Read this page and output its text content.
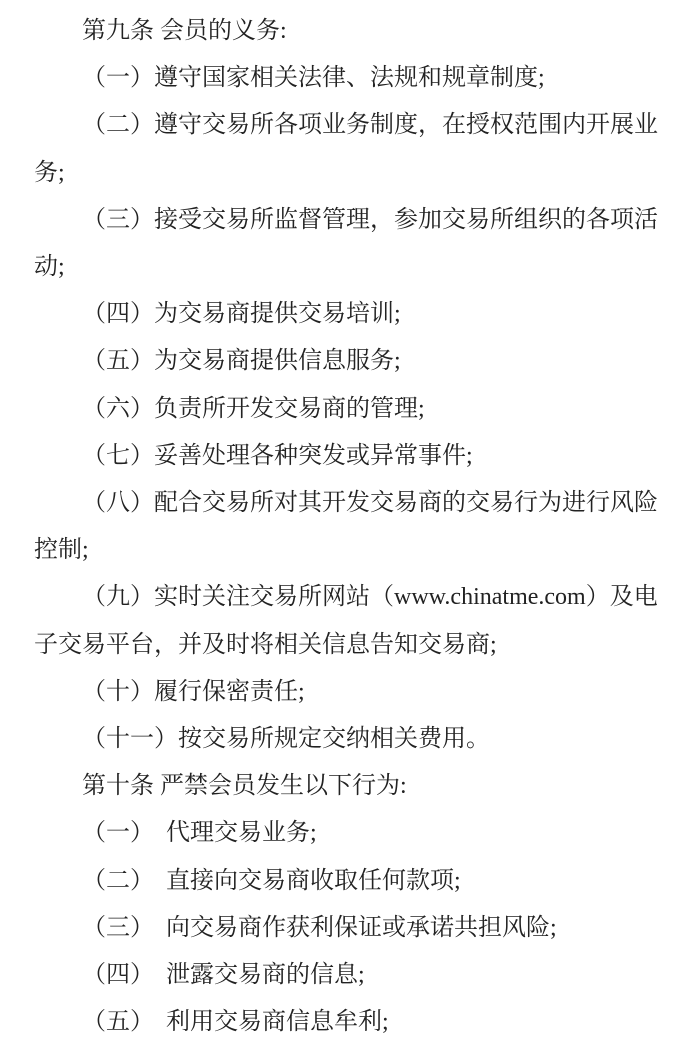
第九条 会员的义务:

（一）遵守国家相关法律、法规和规章制度;

（二）遵守交易所各项业务制度，在授权范围内开展业务;

（三）接受交易所监督管理，参加交易所组织的各项活动;

（四）为交易商提供交易培训;

（五）为交易商提供信息服务;

（六）负责所开发交易商的管理;

（七）妥善处理各种突发或异常事件;

（八）配合交易所对其开发交易商的交易行为进行风险控制;

（九）实时关注交易所网站（www.chinatme.com）及电子交易平台，并及时将相关信息告知交易商;

（十）履行保密责任;

（十一）按交易所规定交纳相关费用。

第十条 严禁会员发生以下行为:

（一）　代理交易业务;

（二）　直接向交易商收取任何款项;

（三）　向交易商作获利保证或承诺共担风险;

（四）　泄露交易商的信息;

（五）　利用交易商信息牟利;
